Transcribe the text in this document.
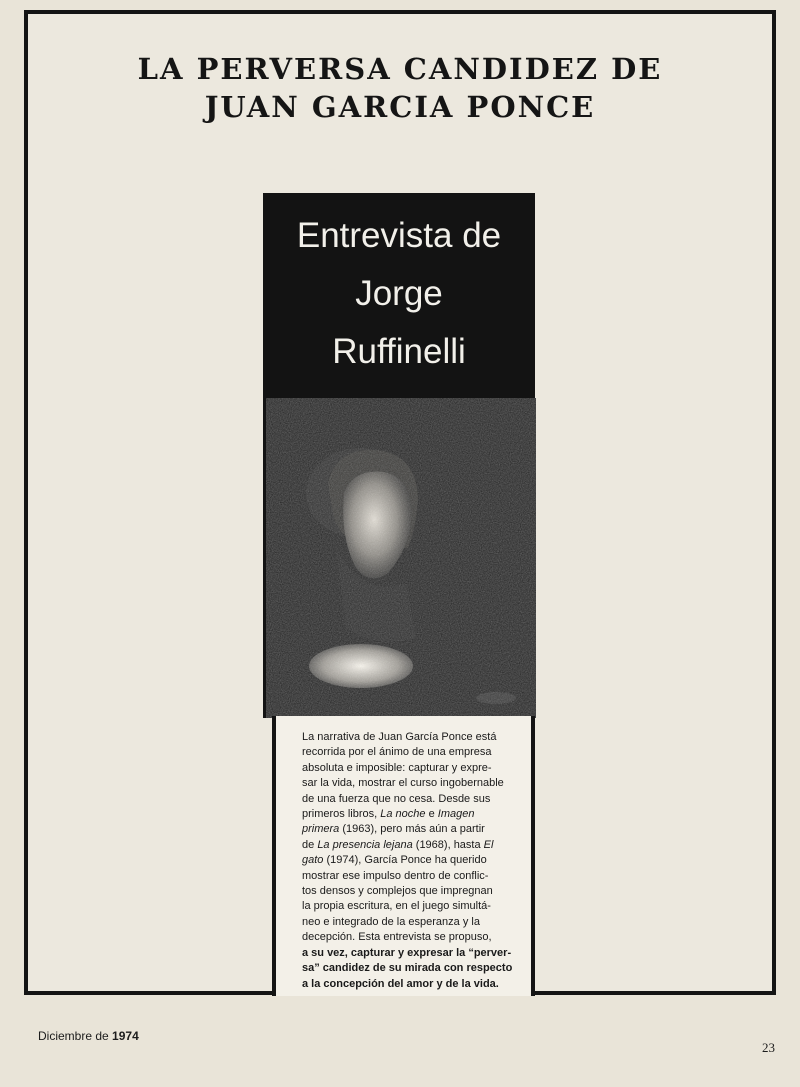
LA PERVERSA CANDIDEZ DE
JUAN GARCIA PONCE
Entrevista de
Jorge
Ruffinelli

La narrativa de Juan García Ponce está
recorrida por el ánimo de una empresa
absoluta e imposible: capturar y expre-
sar la vida, mostrar el curso ingobernable
de una fuerza que no cesa. Desde sus
primeros libros, La noche e Imagen
primera (1963), pero más aún a partir
de La presencia lejana (1968), hasta El
gato (1974), García Ponce ha querido
mostrar ese impulso dentro de conflic-
tos densos y complejos que impregnan
la propia escritura, en el juego simultá-
neo e integrado de la esperanza y la
decepción. Esta entrevista se propuso,
a su vez, capturar y expresar la “perver-
sa” candidez de su mirada con respecto
a la concepción del amor y de la vida.

Diciembre de 1974
23
